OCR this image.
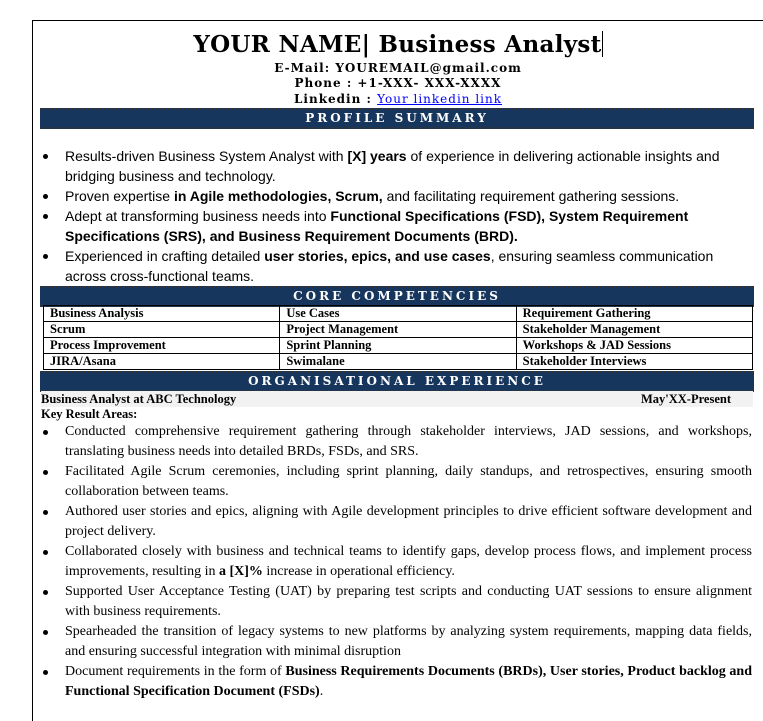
YOUR NAME| Business Analyst
E-Mail: YOUREMAIL@gmail.com
Phone : +1-XXX- XXX-XXXX
Linkedin : Your linkedin link
PROFILE SUMMARY
Results-driven Business System Analyst with [X] years of experience in delivering actionable insights and bridging business and technology.
Proven expertise in Agile methodologies, Scrum, and facilitating requirement gathering sessions.
Adept at transforming business needs into Functional Specifications (FSD), System Requirement Specifications (SRS), and Business Requirement Documents (BRD).
Experienced in crafting detailed user stories, epics, and use cases, ensuring seamless communication across cross-functional teams.
CORE COMPETENCIES
Business Analysis	Use Cases	Requirement Gathering
Scrum	Project Management	Stakeholder Management
Process Improvement	Sprint Planning	Workshops & JAD Sessions
JIRA/Asana	Swimalane	Stakeholder Interviews
ORGANISATIONAL EXPERIENCE
Business Analyst at ABC Technology	May'XX-Present
Key Result Areas:
Conducted comprehensive requirement gathering through stakeholder interviews, JAD sessions, and workshops, translating business needs into detailed BRDs, FSDs, and SRS.
Facilitated Agile Scrum ceremonies, including sprint planning, daily standups, and retrospectives, ensuring smooth collaboration between teams.
Authored user stories and epics, aligning with Agile development principles to drive efficient software development and project delivery.
Collaborated closely with business and technical teams to identify gaps, develop process flows, and implement process improvements, resulting in a [X]% increase in operational efficiency.
Supported User Acceptance Testing (UAT) by preparing test scripts and conducting UAT sessions to ensure alignment with business requirements.
Spearheaded the transition of legacy systems to new platforms by analyzing system requirements, mapping data fields, and ensuring successful integration with minimal disruption
Document requirements in the form of Business Requirements Documents (BRDs), User stories, Product backlog and Functional Specification Document (FSDs).
